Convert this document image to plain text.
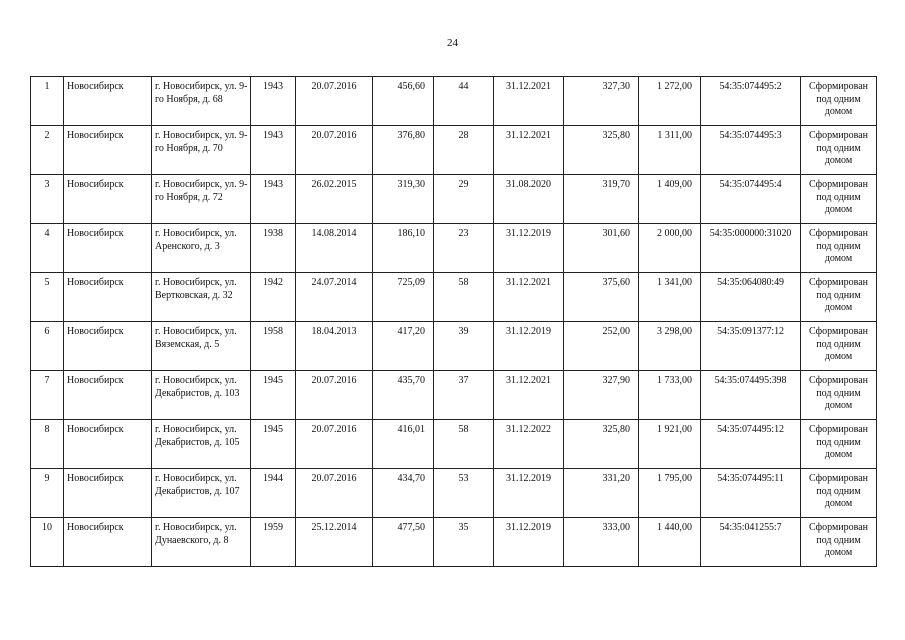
24
1	Новосибирск	г. Новосибирск, ул. 9-го Ноября, д. 68	1943	20.07.2016	456,60	44	31.12.2021	327,30	1 272,00	54:35:074495:2	Сформирован под одним домом
2	Новосибирск	г. Новосибирск, ул. 9-го Ноября, д. 70	1943	20.07.2016	376,80	28	31.12.2021	325,80	1 311,00	54:35:074495:3	Сформирован под одним домом
3	Новосибирск	г. Новосибирск, ул. 9-го Ноября, д. 72	1943	26.02.2015	319,30	29	31.08.2020	319,70	1 409,00	54:35:074495:4	Сформирован под одним домом
4	Новосибирск	г. Новосибирск, ул. Аренского, д. 3	1938	14.08.2014	186,10	23	31.12.2019	301,60	2 000,00	54:35:000000:31020	Сформирован под одним домом
5	Новосибирск	г. Новосибирск, ул. Вертковская, д. 32	1942	24.07.2014	725,09	58	31.12.2021	375,60	1 341,00	54:35:064080:49	Сформирован под одним домом
6	Новосибирск	г. Новосибирск, ул. Вяземская, д. 5	1958	18.04.2013	417,20	39	31.12.2019	252,00	3 298,00	54:35:091377:12	Сформирован под одним домом
7	Новосибирск	г. Новосибирск, ул. Декабристов, д. 103	1945	20.07.2016	435,70	37	31.12.2021	327,90	1 733,00	54:35:074495:398	Сформирован под одним домом
8	Новосибирск	г. Новосибирск, ул. Декабристов, д. 105	1945	20.07.2016	416,01	58	31.12.2022	325,80	1 921,00	54:35:074495:12	Сформирован под одним домом
9	Новосибирск	г. Новосибирск, ул. Декабристов, д. 107	1944	20.07.2016	434,70	53	31.12.2019	331,20	1 795,00	54:35:074495:11	Сформирован под одним домом
10	Новосибирск	г. Новосибирск, ул. Дунаевского, д. 8	1959	25.12.2014	477,50	35	31.12.2019	333,00	1 440,00	54:35:041255:7	Сформирован под одним домом
